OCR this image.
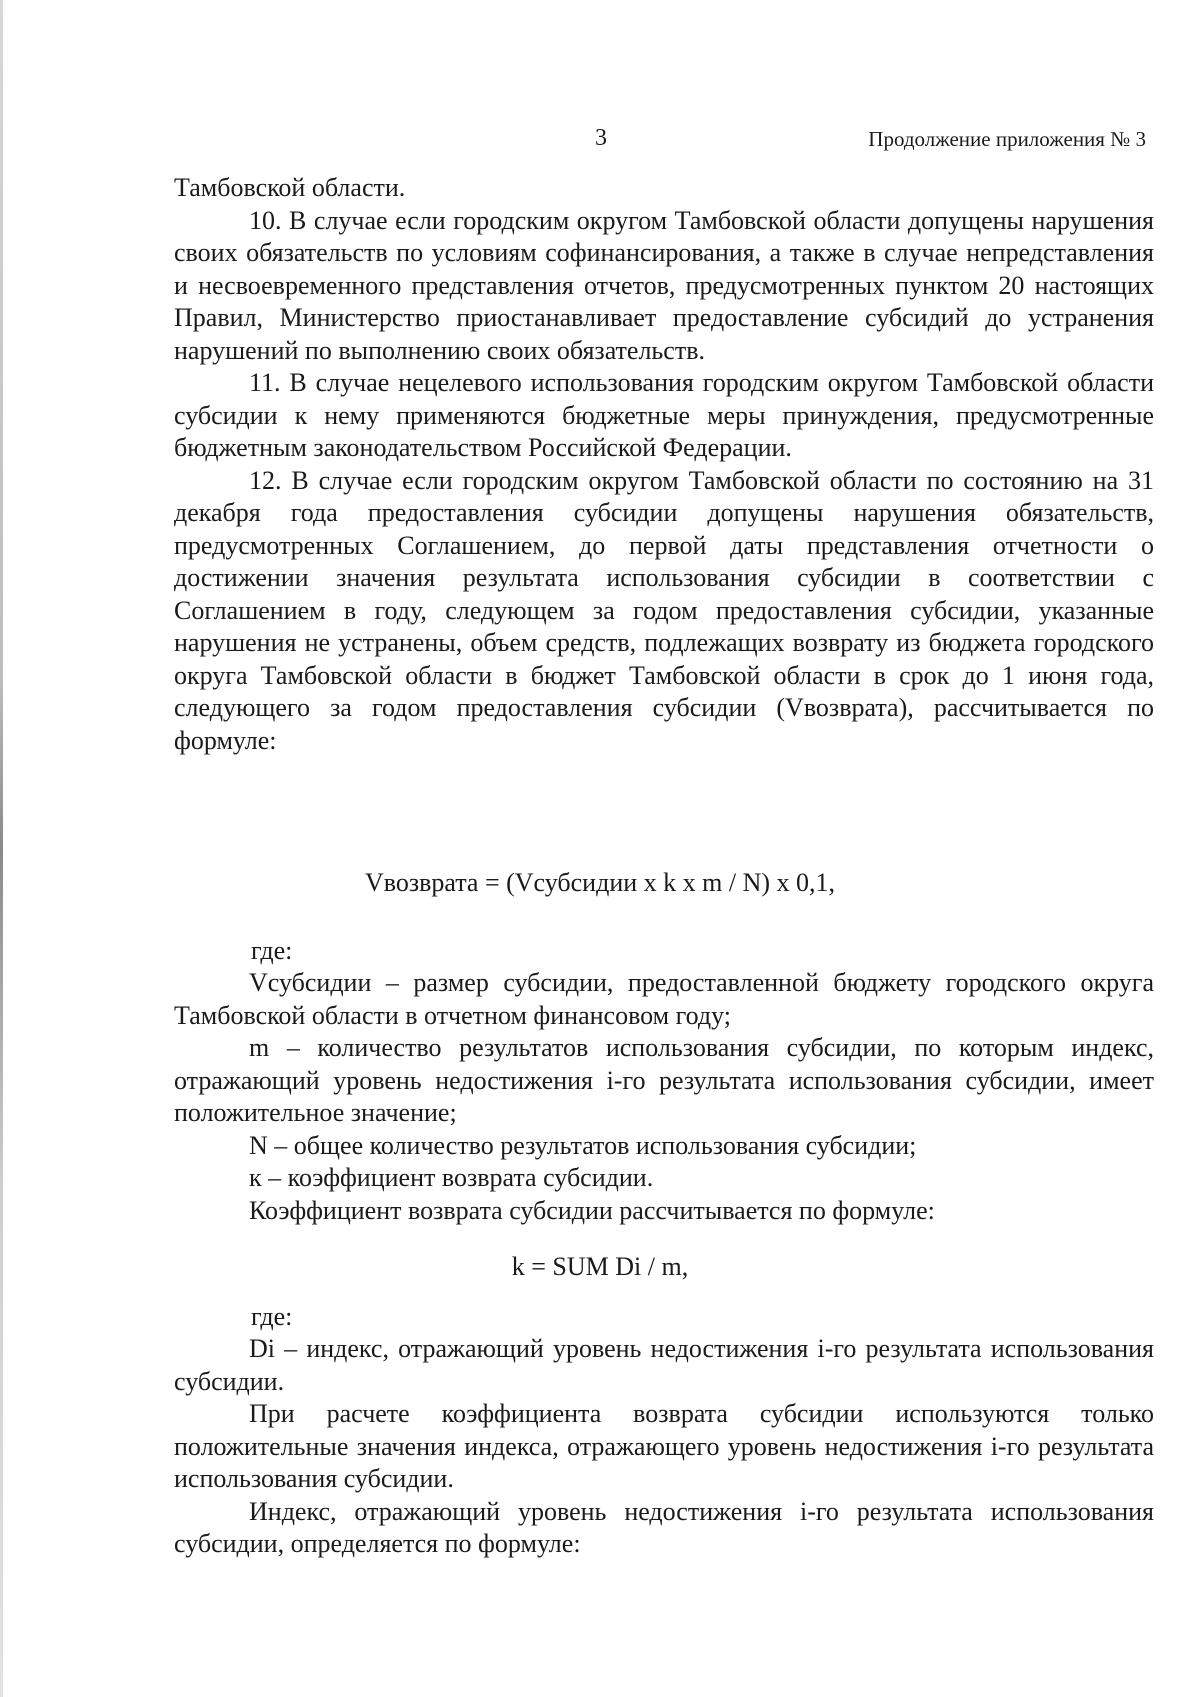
3	Продолжение приложения № 3

Тамбовской области.

10. В случае если городским округом Тамбовской области допущены нарушения своих обязательств по условиям софинансирования, а также в случае непредставления и несвоевременного представления отчетов, предусмотренных пунктом 20 настоящих Правил, Министерство приостанавливает предоставление субсидий до устранения нарушений по выполнению своих обязательств.

11. В случае нецелевого использования городским округом Тамбовской области субсидии к нему применяются бюджетные меры принуждения, предусмотренные бюджетным законодательством Российской Федерации.

12. В случае если городским округом Тамбовской области по состоянию на 31 декабря года предоставления субсидии допущены нарушения обязательств, предусмотренных Соглашением, до первой даты представления отчетности о достижении значения результата использования субсидии в соответствии с Соглашением в году, следующем за годом предоставления субсидии, указанные нарушения не устранены, объем средств, подлежащих возврату из бюджета городского округа Тамбовской области в бюджет Тамбовской области в срок до 1 июня года, следующего за годом предоставления субсидии (Vвозврата), рассчитывается по формуле:

Vвозврата = (Vсубсидии x k x m / N) x 0,1,
где:

Vсубсидии – размер субсидии, предоставленной бюджету городского округа Тамбовской области в отчетном финансовом году;

m – количество результатов использования субсидии, по которым индекс, отражающий уровень недостижения i-го результата использования субсидии, имеет положительное значение;

N – общее количество результатов использования субсидии;

к – коэффициент возврата субсидии.

Коэффициент возврата субсидии рассчитывается по формуле:

k = SUM Di / m,
где:

Di – индекс, отражающий уровень недостижения i-го результата использования субсидии.

При расчете коэффициента возврата субсидии используются только положительные значения индекса, отражающего уровень недостижения i-го результата использования субсидии.

Индекс, отражающий уровень недостижения i-го результата использования субсидии, определяется по формуле:
